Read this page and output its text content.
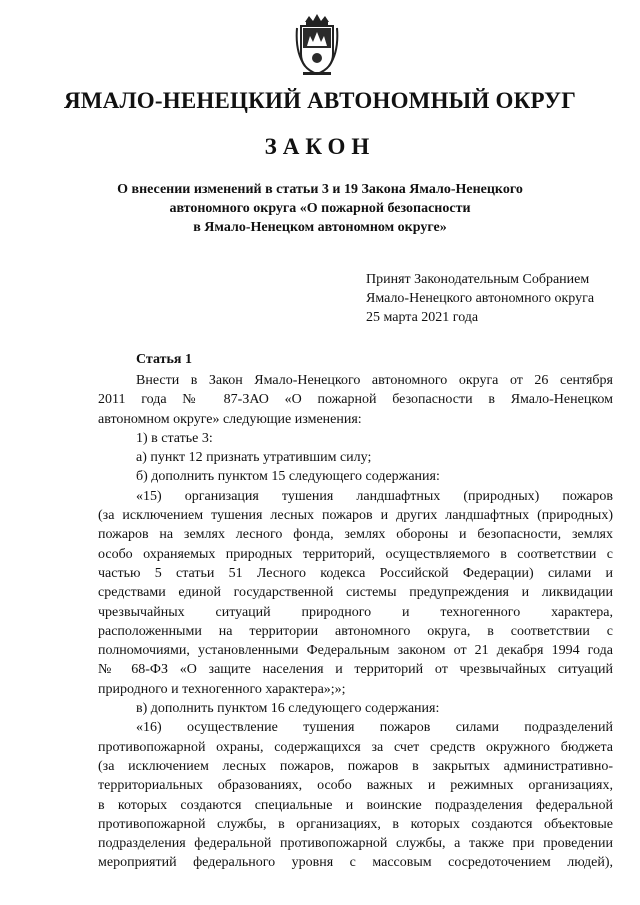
ЯМАЛО-НЕНЕЦКИЙ АВТОНОМНЫЙ ОКРУГ
ЗАКОН
О внесении изменений в статьи 3 и 19 Закона Ямало-Ненецкого
автономного округа «О пожарной безопасности
в Ямало-Ненецком автономном округе»
Принят Законодательным Собранием
Ямало-Ненецкого автономного округа
25 марта 2021 года
Статья 1
Внести в Закон Ямало-Ненецкого автономного округа от 26 сентября
2011 года № 87-ЗАО «О пожарной безопасности в Ямало-Ненецком
автономном округе» следующие изменения:
1) в статье 3:
а) пункт 12 признать утратившим силу;
б) дополнить пунктом 15 следующего содержания:
«15) организация тушения ландшафтных (природных) пожаров
(за исключением тушения лесных пожаров и других ландшафтных (природных)
пожаров на землях лесного фонда, землях обороны и безопасности, землях
особо охраняемых природных территорий, осуществляемого в соответствии с
частью 5 статьи 51 Лесного кодекса Российской Федерации) силами и
средствами единой государственной системы предупреждения и ликвидации
чрезвычайных ситуаций природного и техногенного характера,
расположенными на территории автономного округа, в соответствии с
полномочиями, установленными Федеральным законом от 21 декабря 1994 года
№ 68-ФЗ «О защите населения и территорий от чрезвычайных ситуаций
природного и техногенного характера»;»;
в) дополнить пунктом 16 следующего содержания:
«16) осуществление тушения пожаров силами подразделений
противопожарной охраны, содержащихся за счет средств окружного бюджета
(за исключением лесных пожаров, пожаров в закрытых административно-
территориальных образованиях, особо важных и режимных организациях,
в которых создаются специальные и воинские подразделения федеральной
противопожарной службы, в организациях, в которых создаются объектовые
подразделения федеральной противопожарной службы, а также при проведении
мероприятий федерального уровня с массовым сосредоточением людей),
